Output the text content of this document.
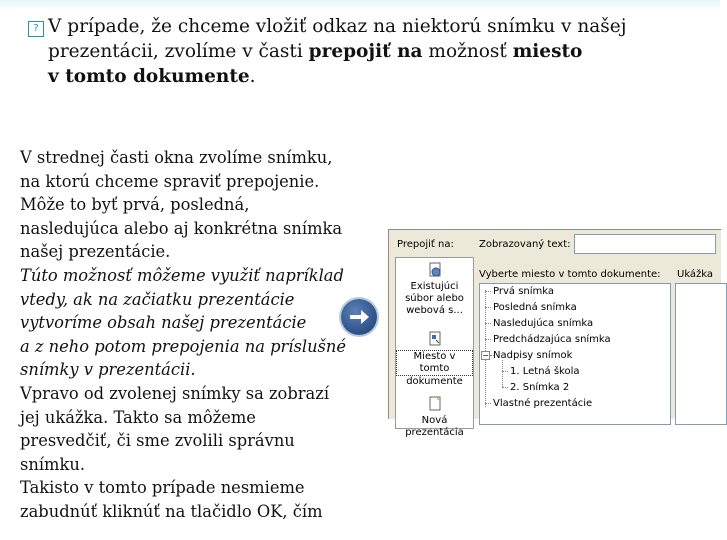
? V prípade, že chceme vložiť odkaz na niektorú snímku v našej
prezentácii, zvolíme v časti prepojiť na možnosť miesto
v tomto dokumente.
V strednej časti okna zvolíme snímku,
na ktorú chceme spraviť prepojenie.
Môže to byť prvá, posledná,
nasledujúca alebo aj konkrétna snímka
našej prezentácie.
Túto možnosť môžeme využiť napríklad
vtedy, ak na začiatku prezentácie
vytvoríme obsah našej prezentácie
a z neho potom prepojenia na príslušné
snímky v prezentácii.
Vpravo od zvolenej snímky sa zobrazí
jej ukážka. Takto sa môžeme
presvedčiť, či sme zvolili správnu
snímku.
Takisto v tomto prípade nesmieme
zabudnúť kliknúť na tlačidlo OK, čím
Prepojiť na:	Zobrazovaný text:
Existujúci
súbor alebo
webová s...
Miesto v tomto
dokumente
Nová prezentácia
Vyberte miesto v tomto dokumente: Ukážka
−
Prvá snímka
Posledná snímka
Nasledujúca snímka
Predchádzajúca snímka
Nadpisy snímok
1. Letná škola
2. Snímka 2
Vlastné prezentácie
